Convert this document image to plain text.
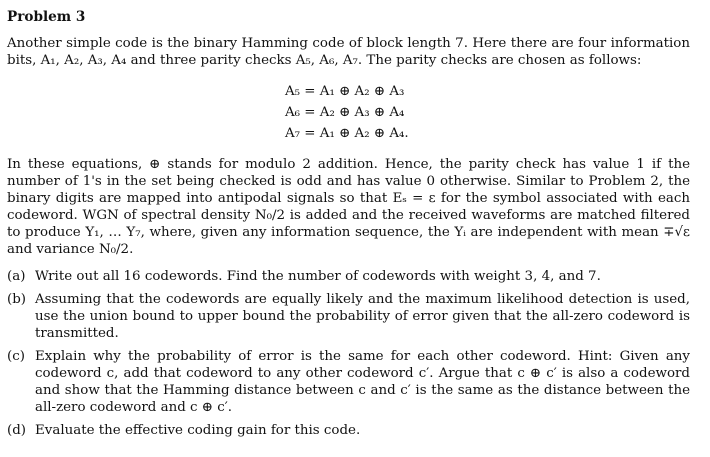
Problem 3

Another simple code is the binary Hamming code of block length 7. Here there are four information bits, A₁, A₂, A₃, A₄ and three parity checks A₅, A₆, A₇. The parity checks are chosen as follows:

A₅ = A₁ ⊕ A₂ ⊕ A₃
A₆ = A₂ ⊕ A₃ ⊕ A₄
A₇ = A₁ ⊕ A₂ ⊕ A₄.

In these equations, ⊕ stands for modulo 2 addition. Hence, the parity check has value 1 if the number of 1's in the set being checked is odd and has value 0 otherwise. Similar to Problem 2, the binary digits are mapped into antipodal signals so that Eₛ = ε for the symbol associated with each codeword. WGN of spectral density N₀/2 is added and the received waveforms are matched filtered to produce Y₁, … Y₇, where, given any information sequence, the Yᵢ are independent with mean ∓√ε and variance N₀/2.

(a) Write out all 16 codewords. Find the number of codewords with weight 3, 4, and 7.
(b) Assuming that the codewords are equally likely and the maximum likelihood detection is used, use the union bound to upper bound the probability of error given that the all-zero codeword is transmitted.
(c) Explain why the probability of error is the same for each other codeword. Hint: Given any codeword c, add that codeword to any other codeword c′. Argue that c ⊕ c′ is also a codeword and show that the Hamming distance between c and c′ is the same as the distance between the all-zero codeword and c ⊕ c′.
(d) Evaluate the effective coding gain for this code.
